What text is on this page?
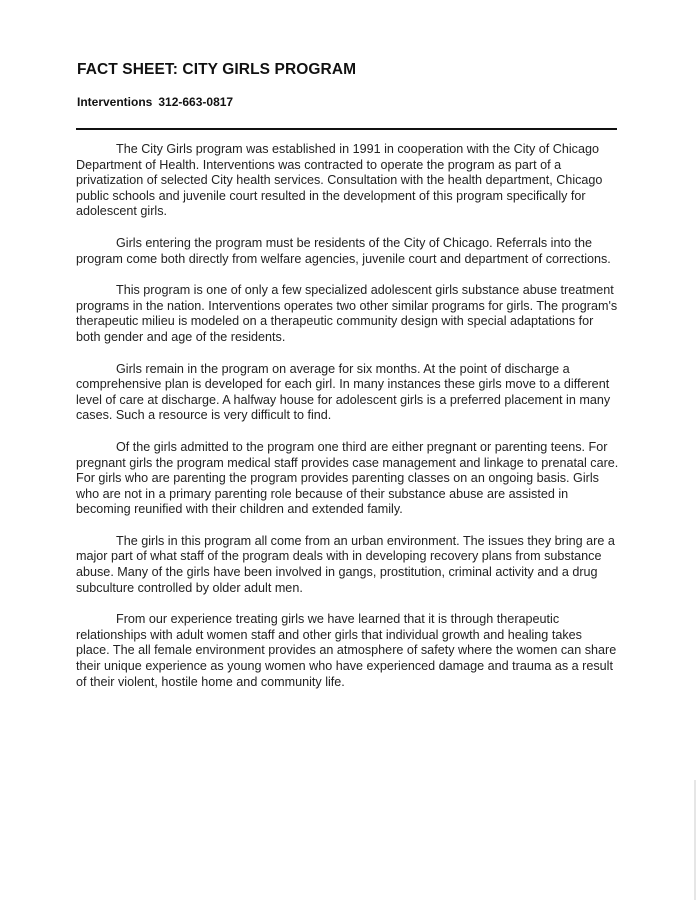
FACT SHEET: CITY GIRLS PROGRAM
Interventions 312-663-0817

The City Girls program was established in 1991 in cooperation with the City of Chicago Department of Health. Interventions was contracted to operate the program as part of a privatization of selected City health services. Consultation with the health department, Chicago public schools and juvenile court resulted in the development of this program specifically for adolescent girls.

Girls entering the program must be residents of the City of Chicago. Referrals into the program come both directly from welfare agencies, juvenile court and department of corrections.

This program is one of only a few specialized adolescent girls substance abuse treatment programs in the nation. Interventions operates two other similar programs for girls. The program's therapeutic milieu is modeled on a therapeutic community design with special adaptations for both gender and age of the residents.

Girls remain in the program on average for six months. At the point of discharge a comprehensive plan is developed for each girl. In many instances these girls move to a different level of care at discharge. A halfway house for adolescent girls is a preferred placement in many cases. Such a resource is very difficult to find.

Of the girls admitted to the program one third are either pregnant or parenting teens. For pregnant girls the program medical staff provides case management and linkage to prenatal care. For girls who are parenting the program provides parenting classes on an ongoing basis. Girls who are not in a primary parenting role because of their substance abuse are assisted in becoming reunified with their children and extended family.

The girls in this program all come from an urban environment. The issues they bring are a major part of what staff of the program deals with in developing recovery plans from substance abuse. Many of the girls have been involved in gangs, prostitution, criminal activity and a drug subculture controlled by older adult men.

From our experience treating girls we have learned that it is through therapeutic relationships with adult women staff and other girls that individual growth and healing takes place. The all female environment provides an atmosphere of safety where the women can share their unique experience as young women who have experienced damage and trauma as a result of their violent, hostile home and community life.
